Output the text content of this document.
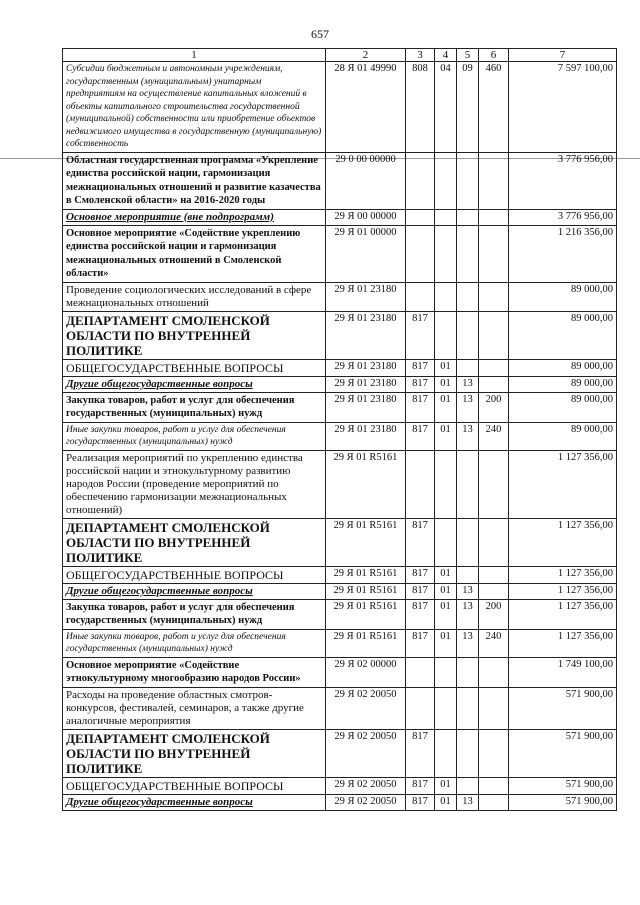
657
1	2	3	4	5	6	7
Субсидии бюджетным и автономным учреждениям, государственным (муниципальным) унитарным предприятиям на осуществление капитальных вложений в объекты капитального строительства государственной (муниципальной) собственности или приобретение объектов недвижимого имущества в государственную (муниципальную) собственность	28 Я 01 49990	808	04	09	460	7 597 100,00
Областная государственная программа «Укрепление единства российской нации, гармонизация межнациональных отношений и развитие казачества в Смоленской области» на 2016-2020 годы	29 0 00 00000					3 776 956,00
Основное мероприятие (вне подпрограмм)	29 Я 00 00000					3 776 956,00
Основное мероприятие «Содействие укреплению единства российской нации и гармонизация межнациональных отношений в Смоленской области»	29 Я 01 00000					1 216 356,00
Проведение социологических исследований в сфере межнациональных отношений	29 Я 01 23180					89 000,00
ДЕПАРТАМЕНТ СМОЛЕНСКОЙ ОБЛАСТИ ПО ВНУТРЕННЕЙ ПОЛИТИКЕ	29 Я 01 23180	817				89 000,00
ОБЩЕГОСУДАРСТВЕННЫЕ ВОПРОСЫ	29 Я 01 23180	817	01			89 000,00
Другие общегосударственные вопросы	29 Я 01 23180	817	01	13		89 000,00
Закупка товаров, работ и услуг для обеспечения государственных (муниципальных) нужд	29 Я 01 23180	817	01	13	200	89 000,00
Иные закупки товаров, работ и услуг для обеспечения государственных (муниципальных) нужд	29 Я 01 23180	817	01	13	240	89 000,00
Реализация мероприятий по укреплению единства российской нации и этнокультурному развитию народов России (проведение мероприятий по обеспечению гармонизации межнациональных отношений)	29 Я 01 R5161					1 127 356,00
ДЕПАРТАМЕНТ СМОЛЕНСКОЙ ОБЛАСТИ ПО ВНУТРЕННЕЙ ПОЛИТИКЕ	29 Я 01 R5161	817				1 127 356,00
ОБЩЕГОСУДАРСТВЕННЫЕ ВОПРОСЫ	29 Я 01 R5161	817	01			1 127 356,00
Другие общегосударственные вопросы	29 Я 01 R5161	817	01	13		1 127 356,00
Закупка товаров, работ и услуг для обеспечения государственных (муниципальных) нужд	29 Я 01 R5161	817	01	13	200	1 127 356,00
Иные закупки товаров, работ и услуг для обеспечения государственных (муниципальных) нужд	29 Я 01 R5161	817	01	13	240	1 127 356,00
Основное мероприятие «Содействие этнокультурному многообразию народов России»	29 Я 02 00000					1 749 100,00
Расходы на проведение областных смотров-конкурсов, фестивалей, семинаров, а также другие аналогичные мероприятия	29 Я 02 20050					571 900,00
ДЕПАРТАМЕНТ СМОЛЕНСКОЙ ОБЛАСТИ ПО ВНУТРЕННЕЙ ПОЛИТИКЕ	29 Я 02 20050	817				571 900,00
ОБЩЕГОСУДАРСТВЕННЫЕ ВОПРОСЫ	29 Я 02 20050	817	01			571 900,00
Другие общегосударственные вопросы	29 Я 02 20050	817	01	13		571 900,00
